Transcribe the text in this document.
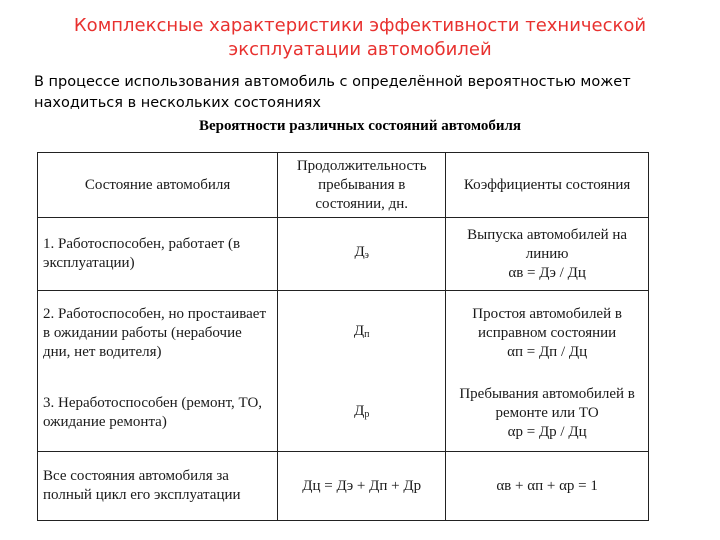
Комплексные характеристики эффективности технической эксплуатации автомобилей
В процессе использования автомобиль с определённой вероятностью может находиться в нескольких состояниях
Вероятности различных состояний автомобиля
Состояние автомобиля	Продолжительность пребывания в состоянии, дн.	Коэффициенты состояния
1. Работоспособен, работает (в эксплуатации)	$Д_э$	Выпуска автомобилей на линию
αв = Дэ / Дц

2. Работоспособен, но простаивает в ожидании работы (нерабочие дни, нет водителя)	$Д_п$	Простоя автомобилей в исправном состоянии
αп = Дп / Дц

3. Неработоспособен (ремонт, ТО, ожидание ремонта)	$Д_р$	Пребывания автомобилей в ремонте или ТО
αр = Др / Дц

Все состояния автомобиля за полный цикл его эксплуатации	Дц = Дэ + Дп + Др	αв + αп + αр = 1
